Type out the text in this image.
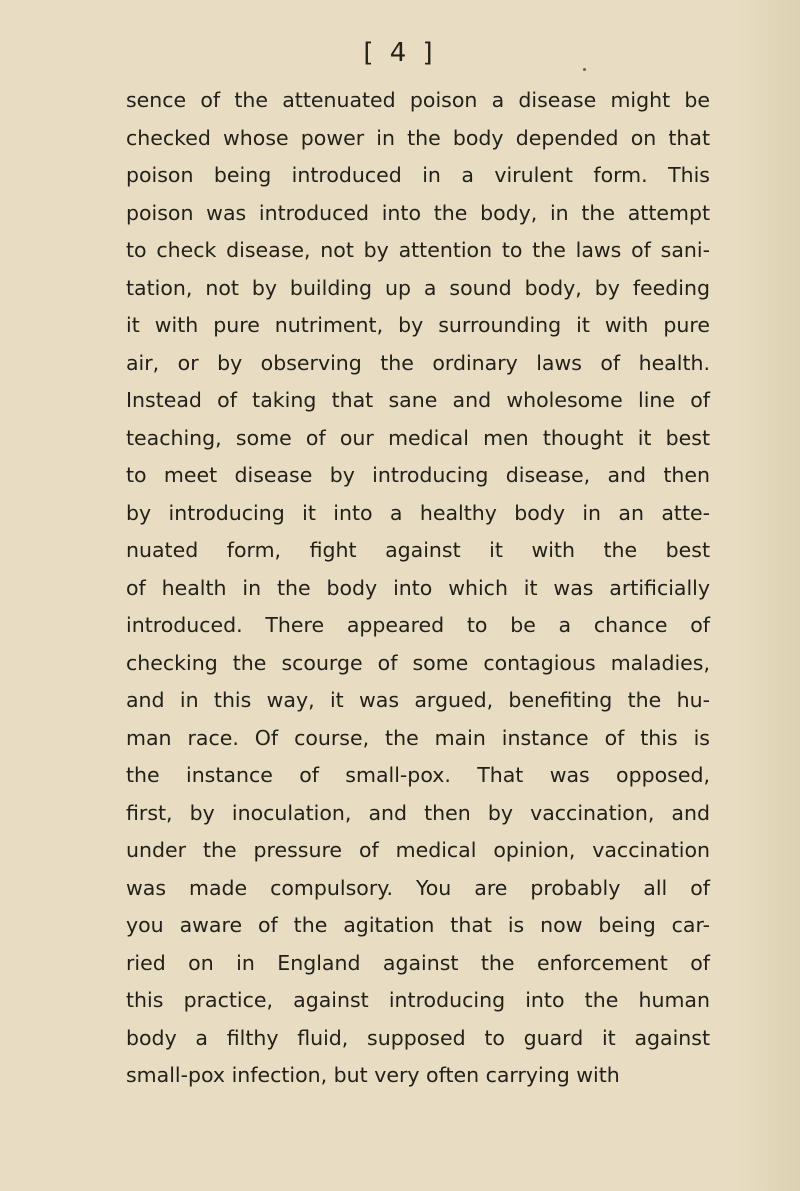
[ 4 ]
sence of the attenuated poison a disease might be
checked whose power in the body depended on that
poison being introduced in a virulent form. This
poison was introduced into the body, in the attempt
to check disease, not by attention to the laws of sani-
tation, not by building up a sound body, by feeding
it with pure nutriment, by surrounding it with pure
air, or by observing the ordinary laws of health.
Instead of taking that sane and wholesome line of
teaching, some of our medical men thought it best
to meet disease by introducing disease, and then
by introducing it into a healthy body in an atte-
nuated form, fight against it with the best
of health in the body into which it was artificially
introduced. There appeared to be a chance of
checking the scourge of some contagious maladies,
and in this way, it was argued, benefiting the hu-
man race. Of course, the main instance of this is
the instance of small-pox. That was opposed,
first, by inoculation, and then by vaccination, and
under the pressure of medical opinion, vaccination
was made compulsory. You are probably all of
you aware of the agitation that is now being car-
ried on in England against the enforcement of
this practice, against introducing into the human
body a filthy fluid, supposed to guard it against
small-pox infection, but very often carrying with
